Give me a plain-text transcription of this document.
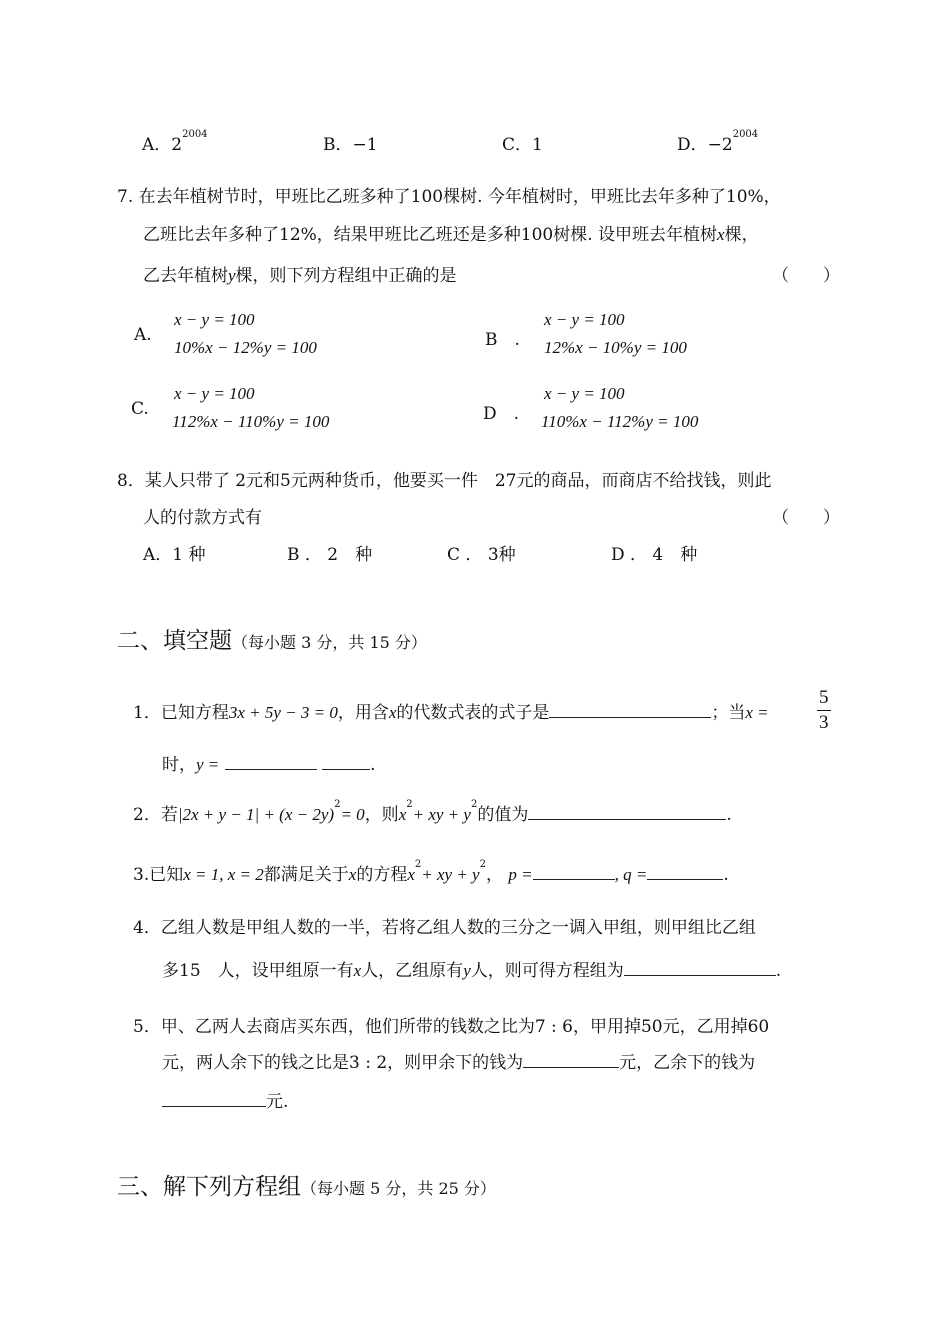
A．$2^{2004}$
B．−1	C．1	D．$-2^{2004}$
7. 在去年植树节时，甲班比乙班多种了100棵树. 今年植树时，甲班比去年多种了10%，
乙班比去年多种了12%，结果甲班比乙班还是多种100树棵. 设甲班去年植树x棵，
乙去年植树y棵，则下列方程组中正确的是	（　　）
A.
x − y = 100
10%x − 12%y = 100	B　.
x − y = 100
12%x − 10%y = 100
C.
x − y = 100
112%x − 110%y = 100	D　.
x − y = 100
110%x − 112%y = 100
8．某人只带了 2元和5元两种货币，他要买一件　27元的商品，而商店不给找钱，则此
人的付款方式有	（　　）
A．1 种	B ． 2　种	C ． 3种	D ． 4　种
二、填空题（每小题 3 分，共 15 分）
1．已知方程3x + 5y − 3 = 0，用含x的代数式表的式子是	；当x =	$\frac{5}{3}$
时，y =	.
2．若$|2x + y - 1| + (x - 2y)^2= 0$，则$x^2+$ xy + $y^2$的值为	.
3.已知x = 1, x = 2都满足关于x的方程$x^2+$ xy + $y^2$， p =	, q =	.
4．乙组人数是甲组人数的一半，若将乙组人数的三分之一调入甲组，则甲组比乙组
多15　人，设甲组原一有x人，乙组原有y人，则可得方程组为	.
5．甲、乙两人去商店买东西，他们所带的钱数之比为7 : 6，甲用掉50元，乙用掉60
元，两人余下的钱之比是3 : 2，则甲余下的钱为	元，乙余下的钱为
元.
三、解下列方程组（每小题 5 分，共 25 分）
